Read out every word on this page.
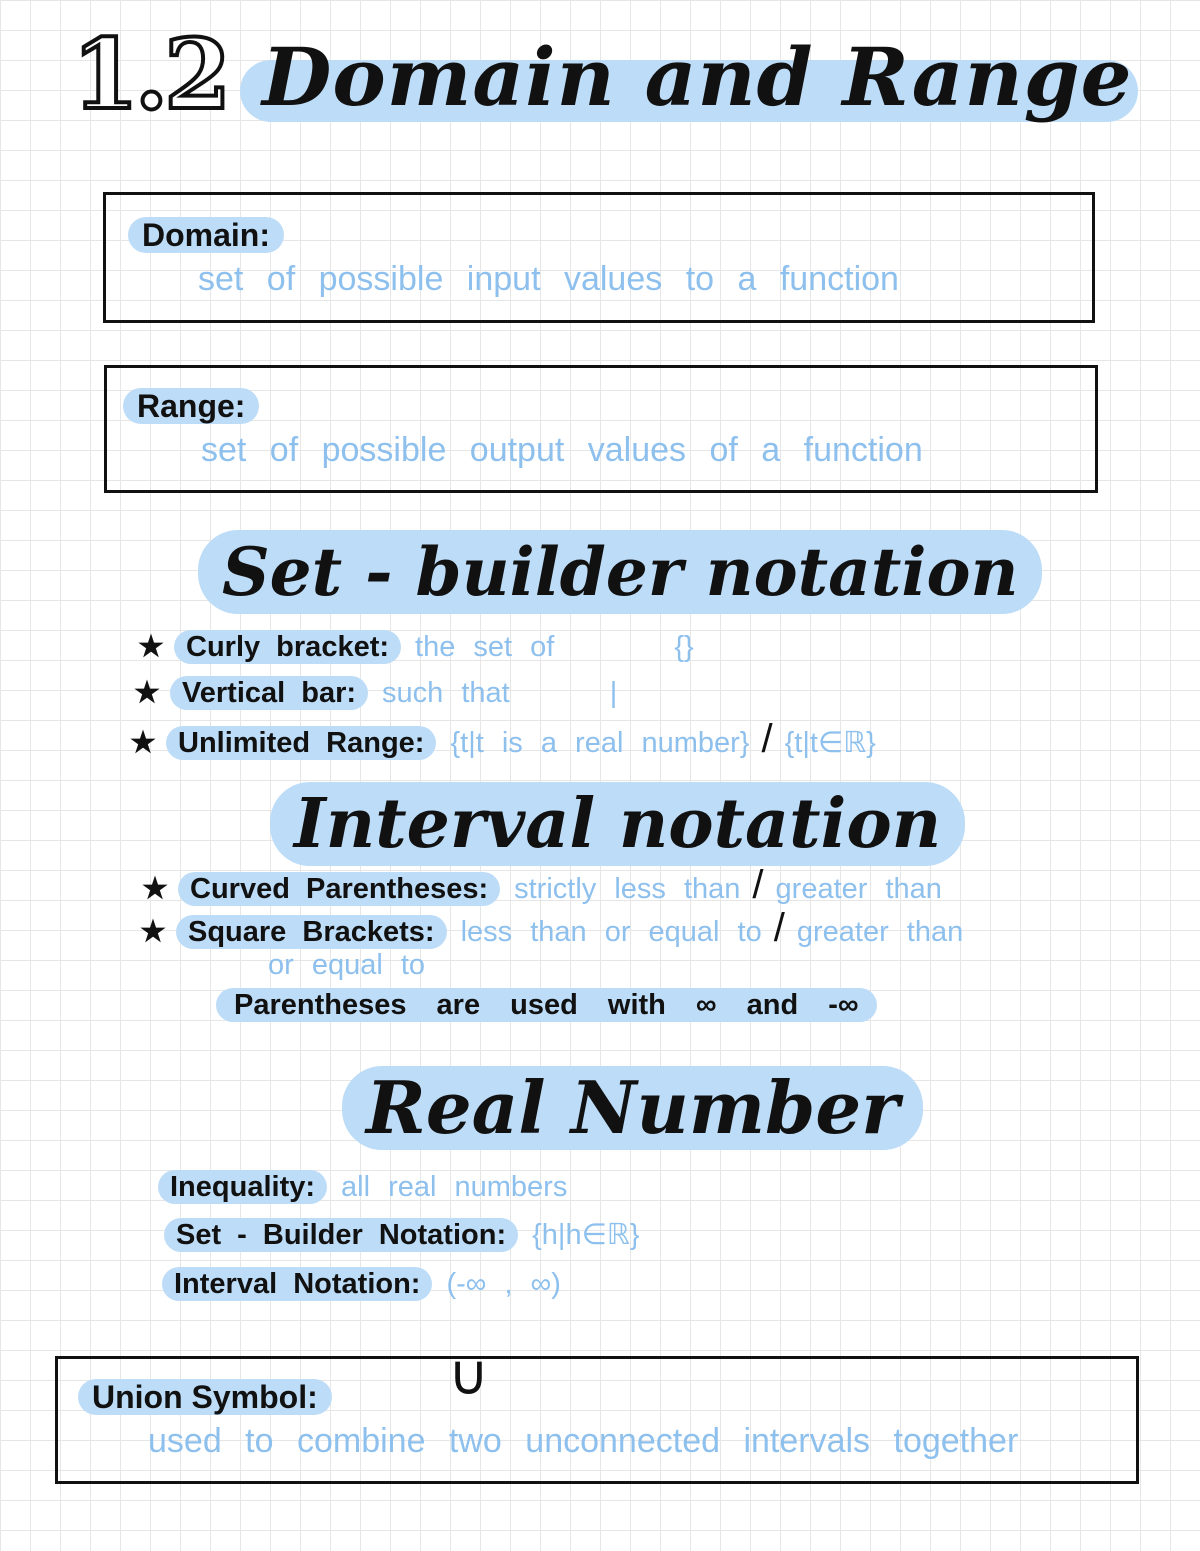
1.2 Domain and Range
Domain:
set of possible input values to a function
Range:
set of possible output values of a function
Set - builder notation
★ Curly bracket: the set of	{}
★ Vertical bar: such that	|
★ Unlimited Range: {t|t is a real number} / {t|t∈ℝ}
Interval notation
★ Curved Parentheses: strictly less than / greater than
★ Square Brackets: less than or equal to / greater than
or equal to
Parentheses are used with ∞ and -∞
Real Number
Inequality: all real numbers
Set - Builder Notation: {h|h∈ℝ}
Interval Notation: (-∞ , ∞)
Union Symbol:
used to combine two unconnected intervals together
∪
